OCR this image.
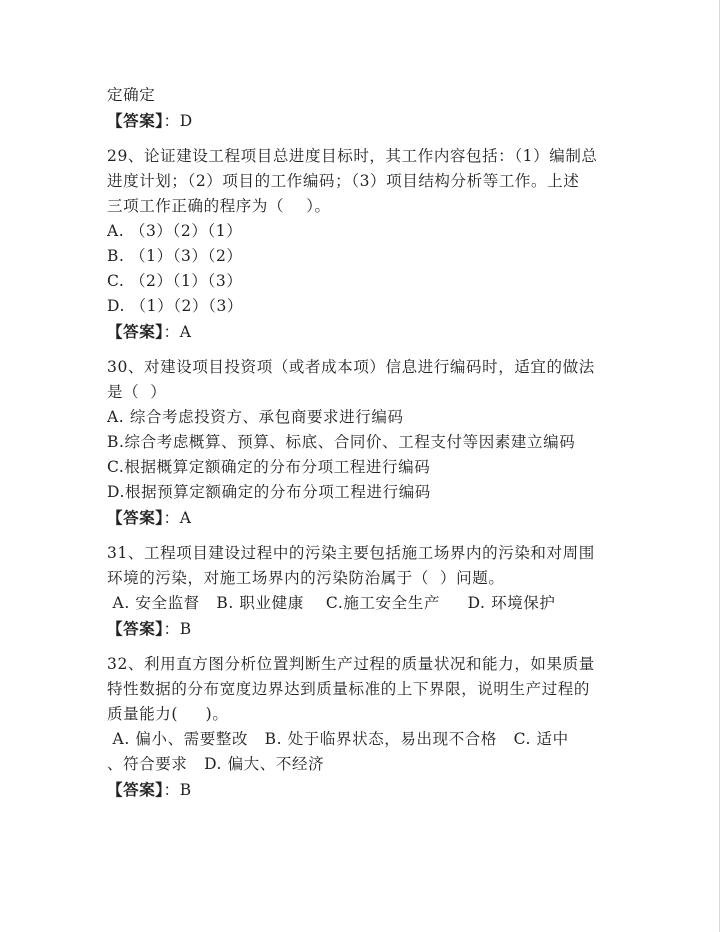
定确定
【答案】：D
29、论证建设工程项目总进度目标时，其工作内容包括：（1）编制总
进度计划；（2）项目的工作编码；（3）项目结构分析等工作。上述
三项工作正确的程序为（    ）。
A. （3）（2）（1）
B. （1）（3）（2）
C. （2）（1）（3）
D. （1）（2）（3）
【答案】：A
30、对建设项目投资项（或者成本项）信息进行编码时，适宜的做法
是（  ）
A. 综合考虑投资方、承包商要求进行编码
B.综合考虑概算、预算、标底、合同价、工程支付等因素建立编码
C.根据概算定额确定的分布分项工程进行编码
D.根据预算定额确定的分布分项工程进行编码
【答案】：A
31、工程项目建设过程中的污染主要包括施工场界内的污染和对周围
环境的污染，对施工场界内的污染防治属于（  ）问题。
A. 安全监督   B. 职业健康    C.施工安全生产     D. 环境保护
【答案】：B
32、利用直方图分析位置判断生产过程的质量状况和能力，如果质量
特性数据的分布宽度边界达到质量标准的上下界限，说明生产过程的
质量能力(     )。
A. 偏小、需要整改   B. 处于临界状态，易出现不合格   C. 适中
、符合要求   D. 偏大、不经济
【答案】：B
